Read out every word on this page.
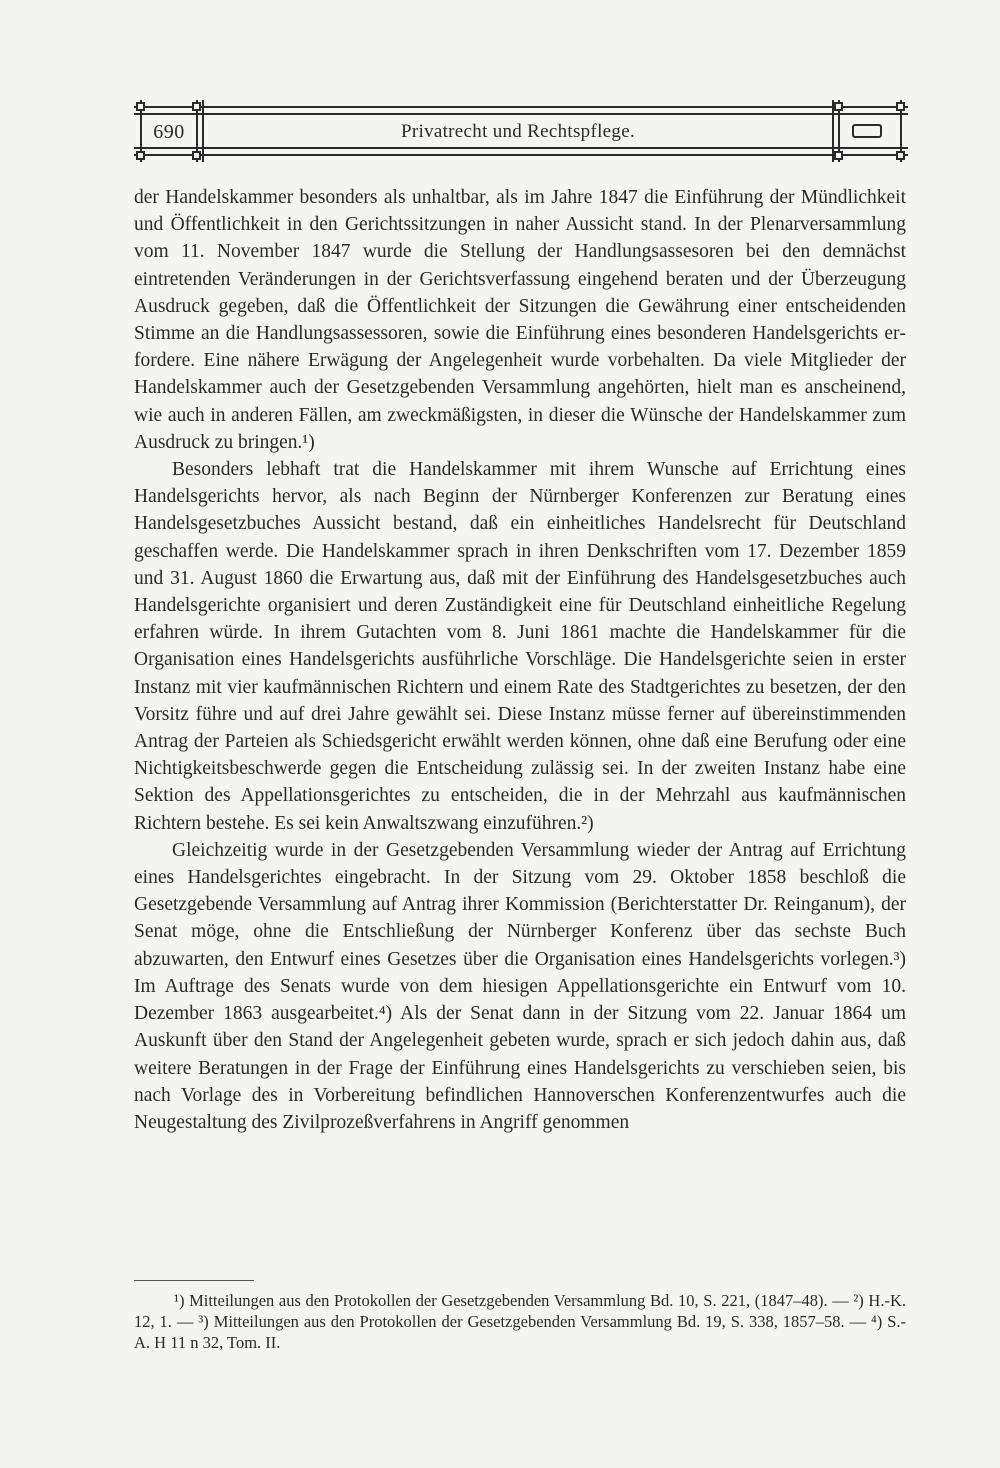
690	Privatrecht und Rechtspflege.

der Handelskammer besonders als unhaltbar, als im Jahre 1847 die Einführung der Mündlichkeit und Öffentlichkeit in den Gerichtssitzungen in naher Aussicht stand. In der Plenarversammlung vom 11. November 1847 wurde die Stellung der Handlungsassesoren bei den demnächst eintretenden Veränderungen in der Gerichtsverfassung eingehend beraten und der Überzeugung Ausdruck gegeben, daß die Öffentlichkeit der Sitzungen die Gewährung einer entscheidenden Stimme an die Handlungsassessoren, sowie die Einführung eines besonderen Handelsgerichts erfordere. Eine nähere Erwägung der Angelegenheit wurde vorbehalten. Da viele Mitglieder der Handelskammer auch der Gesetzgebenden Versammlung angehörten, hielt man es anscheinend, wie auch in anderen Fällen, am zweckmäßigsten, in dieser die Wünsche der Handelskammer zum Ausdruck zu bringen.¹)

Besonders lebhaft trat die Handelskammer mit ihrem Wunsche auf Errichtung eines Handelsgerichts hervor, als nach Beginn der Nürnberger Konferenzen zur Beratung eines Handelsgesetzbuches Aussicht bestand, daß ein einheitliches Handelsrecht für Deutschland geschaffen werde. Die Handelskammer sprach in ihren Denkschriften vom 17. Dezember 1859 und 31. August 1860 die Erwartung aus, daß mit der Einführung des Handelsgesetzbuches auch Handelsgerichte organisiert und deren Zuständigkeit eine für Deutschland einheitliche Regelung erfahren würde. In ihrem Gutachten vom 8. Juni 1861 machte die Handelskammer für die Organisation eines Handelsgerichts ausführliche Vorschläge. Die Handelsgerichte seien in erster Instanz mit vier kaufmännischen Richtern und einem Rate des Stadtgerichtes zu besetzen, der den Vorsitz führe und auf drei Jahre gewählt sei. Diese Instanz müsse ferner auf übereinstimmenden Antrag der Parteien als Schiedsgericht erwählt werden können, ohne daß eine Berufung oder eine Nichtigkeitsbeschwerde gegen die Entscheidung zulässig sei. In der zweiten Instanz habe eine Sektion des Appellationsgerichtes zu entscheiden, die in der Mehrzahl aus kaufmännischen Richtern bestehe. Es sei kein Anwaltszwang einzuführen.²)

Gleichzeitig wurde in der Gesetzgebenden Versammlung wieder der Antrag auf Errichtung eines Handelsgerichtes eingebracht. In der Sitzung vom 29. Oktober 1858 beschloß die Gesetzgebende Versammlung auf Antrag ihrer Kommission (Berichterstatter Dr. Reinganum), der Senat möge, ohne die Entschließung der Nürnberger Konferenz über das sechste Buch abzuwarten, den Entwurf eines Gesetzes über die Organisation eines Handelsgerichts vorlegen.³) Im Auftrage des Senats wurde von dem hiesigen Appellationsgerichte ein Entwurf vom 10. Dezember 1863 ausgearbeitet.⁴) Als der Senat dann in der Sitzung vom 22. Januar 1864 um Auskunft über den Stand der Angelegenheit gebeten wurde, sprach er sich jedoch dahin aus, daß weitere Beratungen in der Frage der Einführung eines Handelsgerichts zu verschieben seien, bis nach Vorlage des in Vorbereitung befindlichen Hannoverschen Konferenzentwurfes auch die Neugestaltung des Zivilprozeßverfahrens in Angriff genommen

¹) Mitteilungen aus den Protokollen der Gesetzgebenden Versammlung Bd. 10, S. 221, (1847–48). — ²) H.-K. 12, 1. — ³) Mitteilungen aus den Protokollen der Gesetzgebenden Versammlung Bd. 19, S. 338, 1857–58. — ⁴) S.-A. H 11 n 32, Tom. II.
